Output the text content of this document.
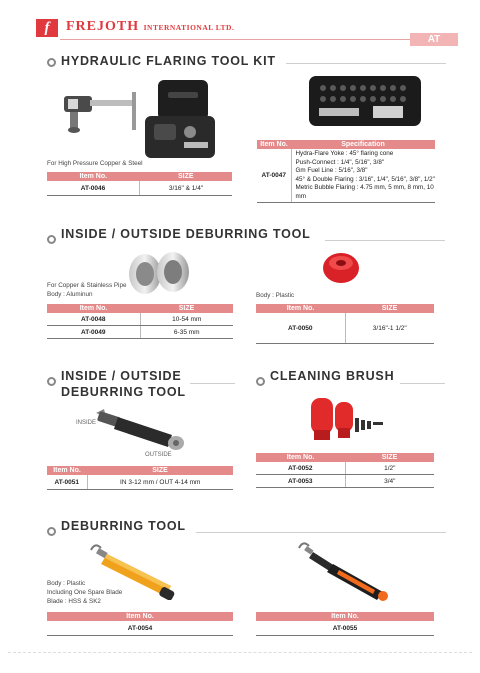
f	FREJOTH INTERNATIONAL LTD.
AT
HYDRAULIC FLARING TOOL KIT
For High Pressure Copper & Steel
Item No.	SIZE
AT-0046	3/16" & 1/4"
Item No.	Specification
AT-0047	Hydra-Flare Yoke : 45° flaring cone
Push-Connect : 1/4", 5/16", 3/8"
Gm Fuel Line : 5/16", 3/8"
45° & Double Flaring : 3/16", 1/4", 5/16", 3/8", 1/2"
Metric Bubble Flaring : 4.75 mm, 5 mm, 8 mm, 10 mm
INSIDE / OUTSIDE DEBURRING TOOL
For Copper & Stainless Pipe
Body : Aluminun
Item No.	SIZE
AT-0048	10-54 mm
AT-0049	6-35 mm
Body : Plastic
Item No.	SIZE
AT-0050	3/16"-1 1/2"
INSIDE / OUTSIDE
DEBURRING TOOL
INSIDE
OUTSIDE
Item No.	SIZE
AT-0051	IN 3-12 mm / OUT 4-14 mm
CLEANING BRUSH
Item No.	SIZE
AT-0052	1/2"
AT-0053	3/4"
DEBURRING TOOL
Body : Plastic
Including One Spare Blade
Blade : HSS & SK2
Item No.
AT-0054
Item No.
AT-0055
